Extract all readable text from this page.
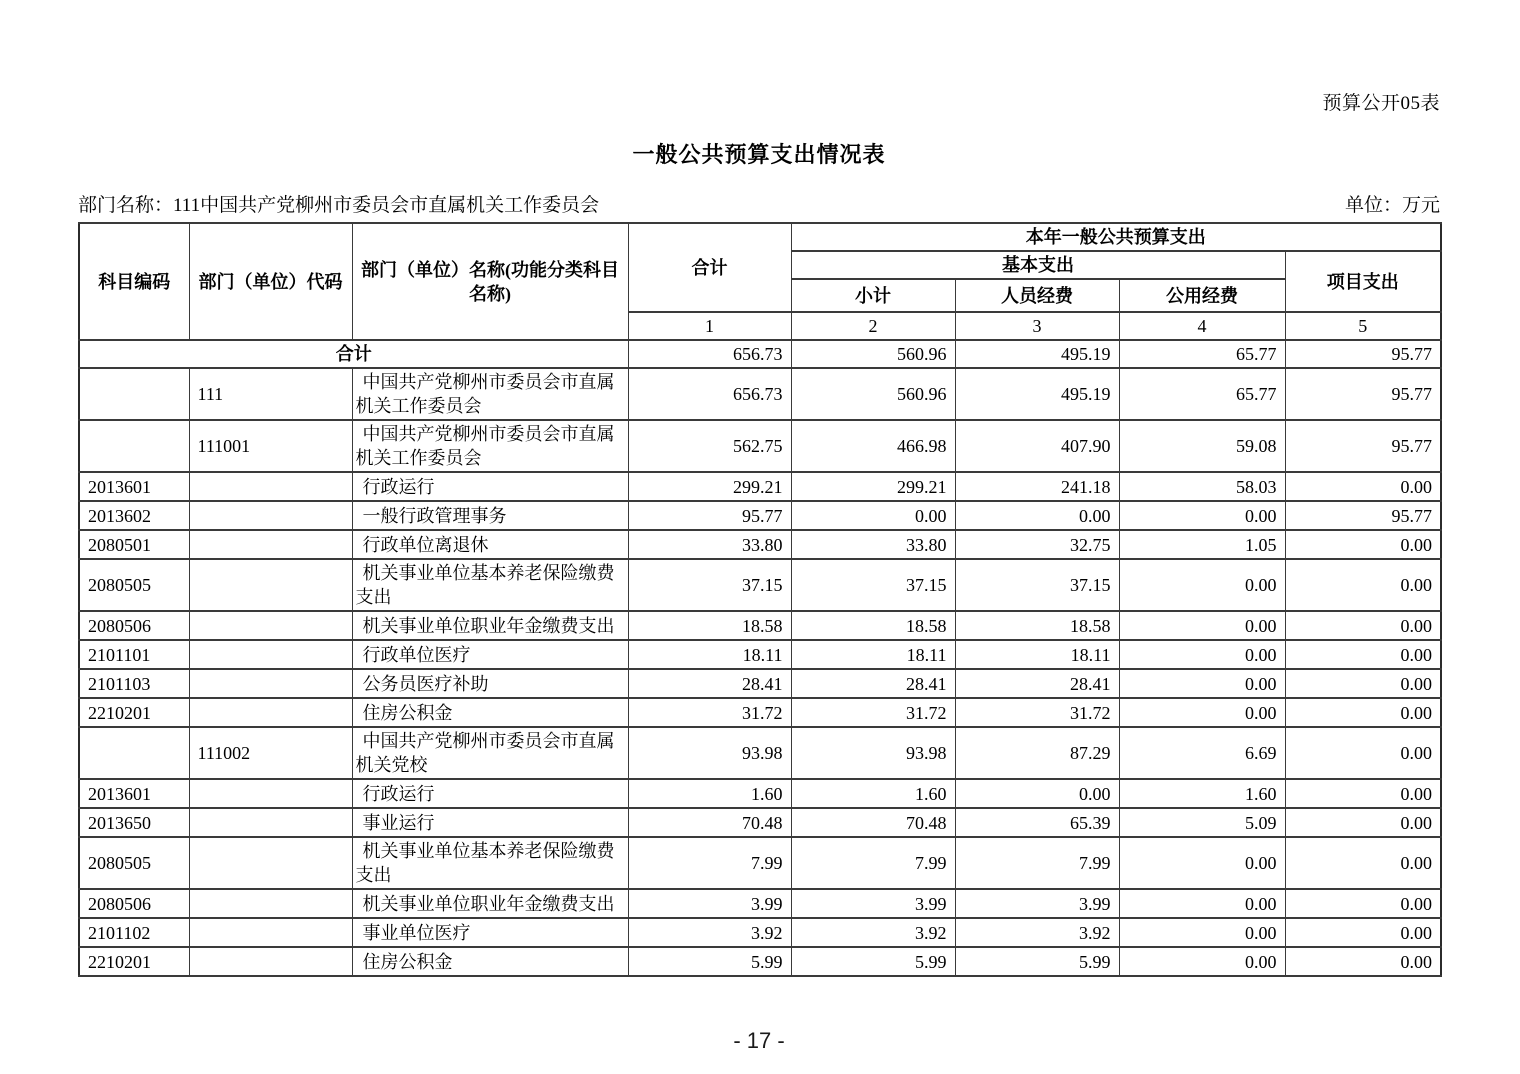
预算公开05表
一般公共预算支出情况表
部门名称：111中国共产党柳州市委员会市直属机关工作委员会	单位：万元
科目编码	部门（单位）代码	部门（单位）名称(功能分类科目名称)	合计	本年一般公共预算支出			
				基本支出			项目支出
				小计	人员经费	公用经费	
			1	2	3	4	5
合计			656.73	560.96	495.19	65.77	95.77
	111	中国共产党柳州市委员会市直属机关工作委员会	656.73	560.96	495.19	65.77	95.77
	111001	中国共产党柳州市委员会市直属机关工作委员会	562.75	466.98	407.90	59.08	95.77
2013601		行政运行	299.21	299.21	241.18	58.03	0.00
2013602		一般行政管理事务	95.77	0.00	0.00	0.00	95.77
2080501		行政单位离退休	33.80	33.80	32.75	1.05	0.00
2080505		机关事业单位基本养老保险缴费支出	37.15	37.15	37.15	0.00	0.00
2080506		机关事业单位职业年金缴费支出	18.58	18.58	18.58	0.00	0.00
2101101		行政单位医疗	18.11	18.11	18.11	0.00	0.00
2101103		公务员医疗补助	28.41	28.41	28.41	0.00	0.00
2210201		住房公积金	31.72	31.72	31.72	0.00	0.00
	111002	中国共产党柳州市委员会市直属机关党校	93.98	93.98	87.29	6.69	0.00
2013601		行政运行	1.60	1.60	0.00	1.60	0.00
2013650		事业运行	70.48	70.48	65.39	5.09	0.00
2080505		机关事业单位基本养老保险缴费支出	7.99	7.99	7.99	0.00	0.00
2080506		机关事业单位职业年金缴费支出	3.99	3.99	3.99	0.00	0.00
2101102		事业单位医疗	3.92	3.92	3.92	0.00	0.00
2210201		住房公积金	5.99	5.99	5.99	0.00	0.00
- 17 -
